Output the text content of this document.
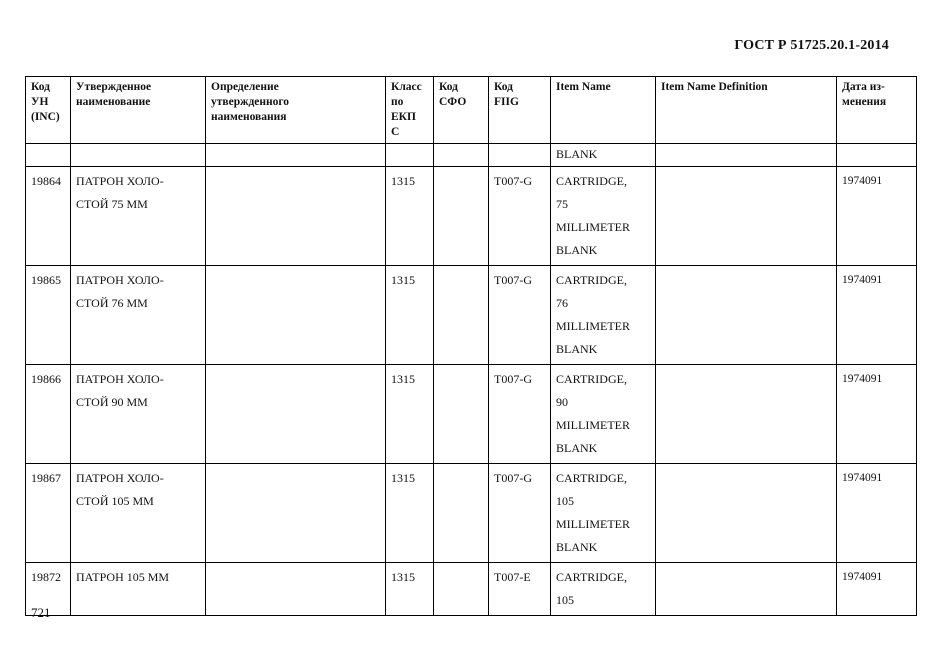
ГОСТ Р 51725.20.1-2014
Код
УН
(INC)	Утвержденное
наименование	Определение
утвержденного
наименования	Класс
по
ЕКП
С	Код
СФО	Код
FIIG	Item Name	Item Name Definition	Дата из-
менения
						BLANK		
19864	ПАТРОН ХОЛО-
СТОЙ 75 ММ		1315		T007-G	CARTRIDGE,
75
MILLIMETER
BLANK		1974091
19865	ПАТРОН ХОЛО-
СТОЙ 76 ММ		1315		T007-G	CARTRIDGE,
76
MILLIMETER
BLANK		1974091
19866	ПАТРОН ХОЛО-
СТОЙ 90 ММ		1315		T007-G	CARTRIDGE,
90
MILLIMETER
BLANK		1974091
19867	ПАТРОН ХОЛО-
СТОЙ 105 ММ		1315		T007-G	CARTRIDGE,
105
MILLIMETER
BLANK		1974091
19872	ПАТРОН 105 ММ		1315		T007-E	CARTRIDGE,
105		1974091
721
